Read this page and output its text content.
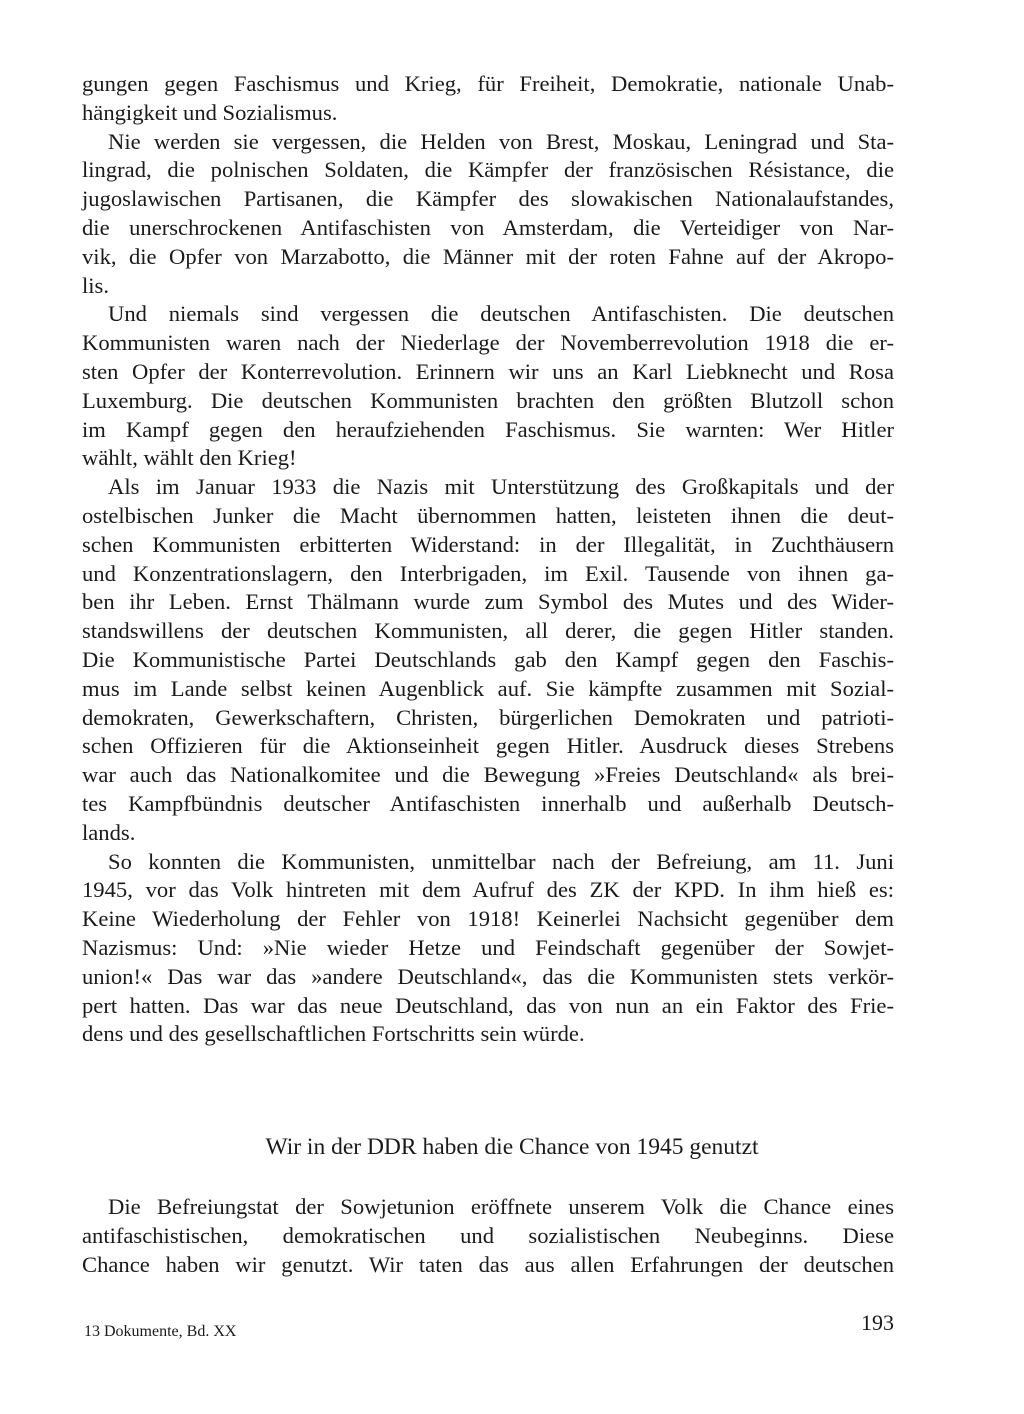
gungen gegen Faschismus und Krieg, für Freiheit, Demokratie, nationale Unab-
hängigkeit und Sozialismus.
Nie werden sie vergessen, die Helden von Brest, Moskau, Leningrad und Sta-
lingrad, die polnischen Soldaten, die Kämpfer der französischen Résistance, die
jugoslawischen Partisanen, die Kämpfer des slowakischen Nationalaufstandes,
die unerschrockenen Antifaschisten von Amsterdam, die Verteidiger von Nar-
vik, die Opfer von Marzabotto, die Männer mit der roten Fahne auf der Akropo-
lis.
Und niemals sind vergessen die deutschen Antifaschisten. Die deutschen
Kommunisten waren nach der Niederlage der Novemberrevolution 1918 die er-
sten Opfer der Konterrevolution. Erinnern wir uns an Karl Liebknecht und Rosa
Luxemburg. Die deutschen Kommunisten brachten den größten Blutzoll schon
im Kampf gegen den heraufziehenden Faschismus. Sie warnten: Wer Hitler
wählt, wählt den Krieg!
Als im Januar 1933 die Nazis mit Unterstützung des Großkapitals und der
ostelbischen Junker die Macht übernommen hatten, leisteten ihnen die deut-
schen Kommunisten erbitterten Widerstand: in der Illegalität, in Zuchthäusern
und Konzentrationslagern, den Interbrigaden, im Exil. Tausende von ihnen ga-
ben ihr Leben. Ernst Thälmann wurde zum Symbol des Mutes und des Wider-
standswillens der deutschen Kommunisten, all derer, die gegen Hitler standen.
Die Kommunistische Partei Deutschlands gab den Kampf gegen den Faschis-
mus im Lande selbst keinen Augenblick auf. Sie kämpfte zusammen mit Sozial-
demokraten, Gewerkschaftern, Christen, bürgerlichen Demokraten und patrioti-
schen Offizieren für die Aktionseinheit gegen Hitler. Ausdruck dieses Strebens
war auch das Nationalkomitee und die Bewegung »Freies Deutschland« als brei-
tes Kampfbündnis deutscher Antifaschisten innerhalb und außerhalb Deutsch-
lands.
So konnten die Kommunisten, unmittelbar nach der Befreiung, am 11. Juni
1945, vor das Volk hintreten mit dem Aufruf des ZK der KPD. In ihm hieß es:
Keine Wiederholung der Fehler von 1918! Keinerlei Nachsicht gegenüber dem
Nazismus: Und: »Nie wieder Hetze und Feindschaft gegenüber der Sowjet-
union!« Das war das »andere Deutschland«, das die Kommunisten stets verkör-
pert hatten. Das war das neue Deutschland, das von nun an ein Faktor des Frie-
dens und des gesellschaftlichen Fortschritts sein würde.
Wir in der DDR haben die Chance von 1945 genutzt
Die Befreiungstat der Sowjetunion eröffnete unserem Volk die Chance eines
antifaschistischen, demokratischen und sozialistischen Neubeginns. Diese
Chance haben wir genutzt. Wir taten das aus allen Erfahrungen der deutschen
13 Dokumente, Bd. XX	193
